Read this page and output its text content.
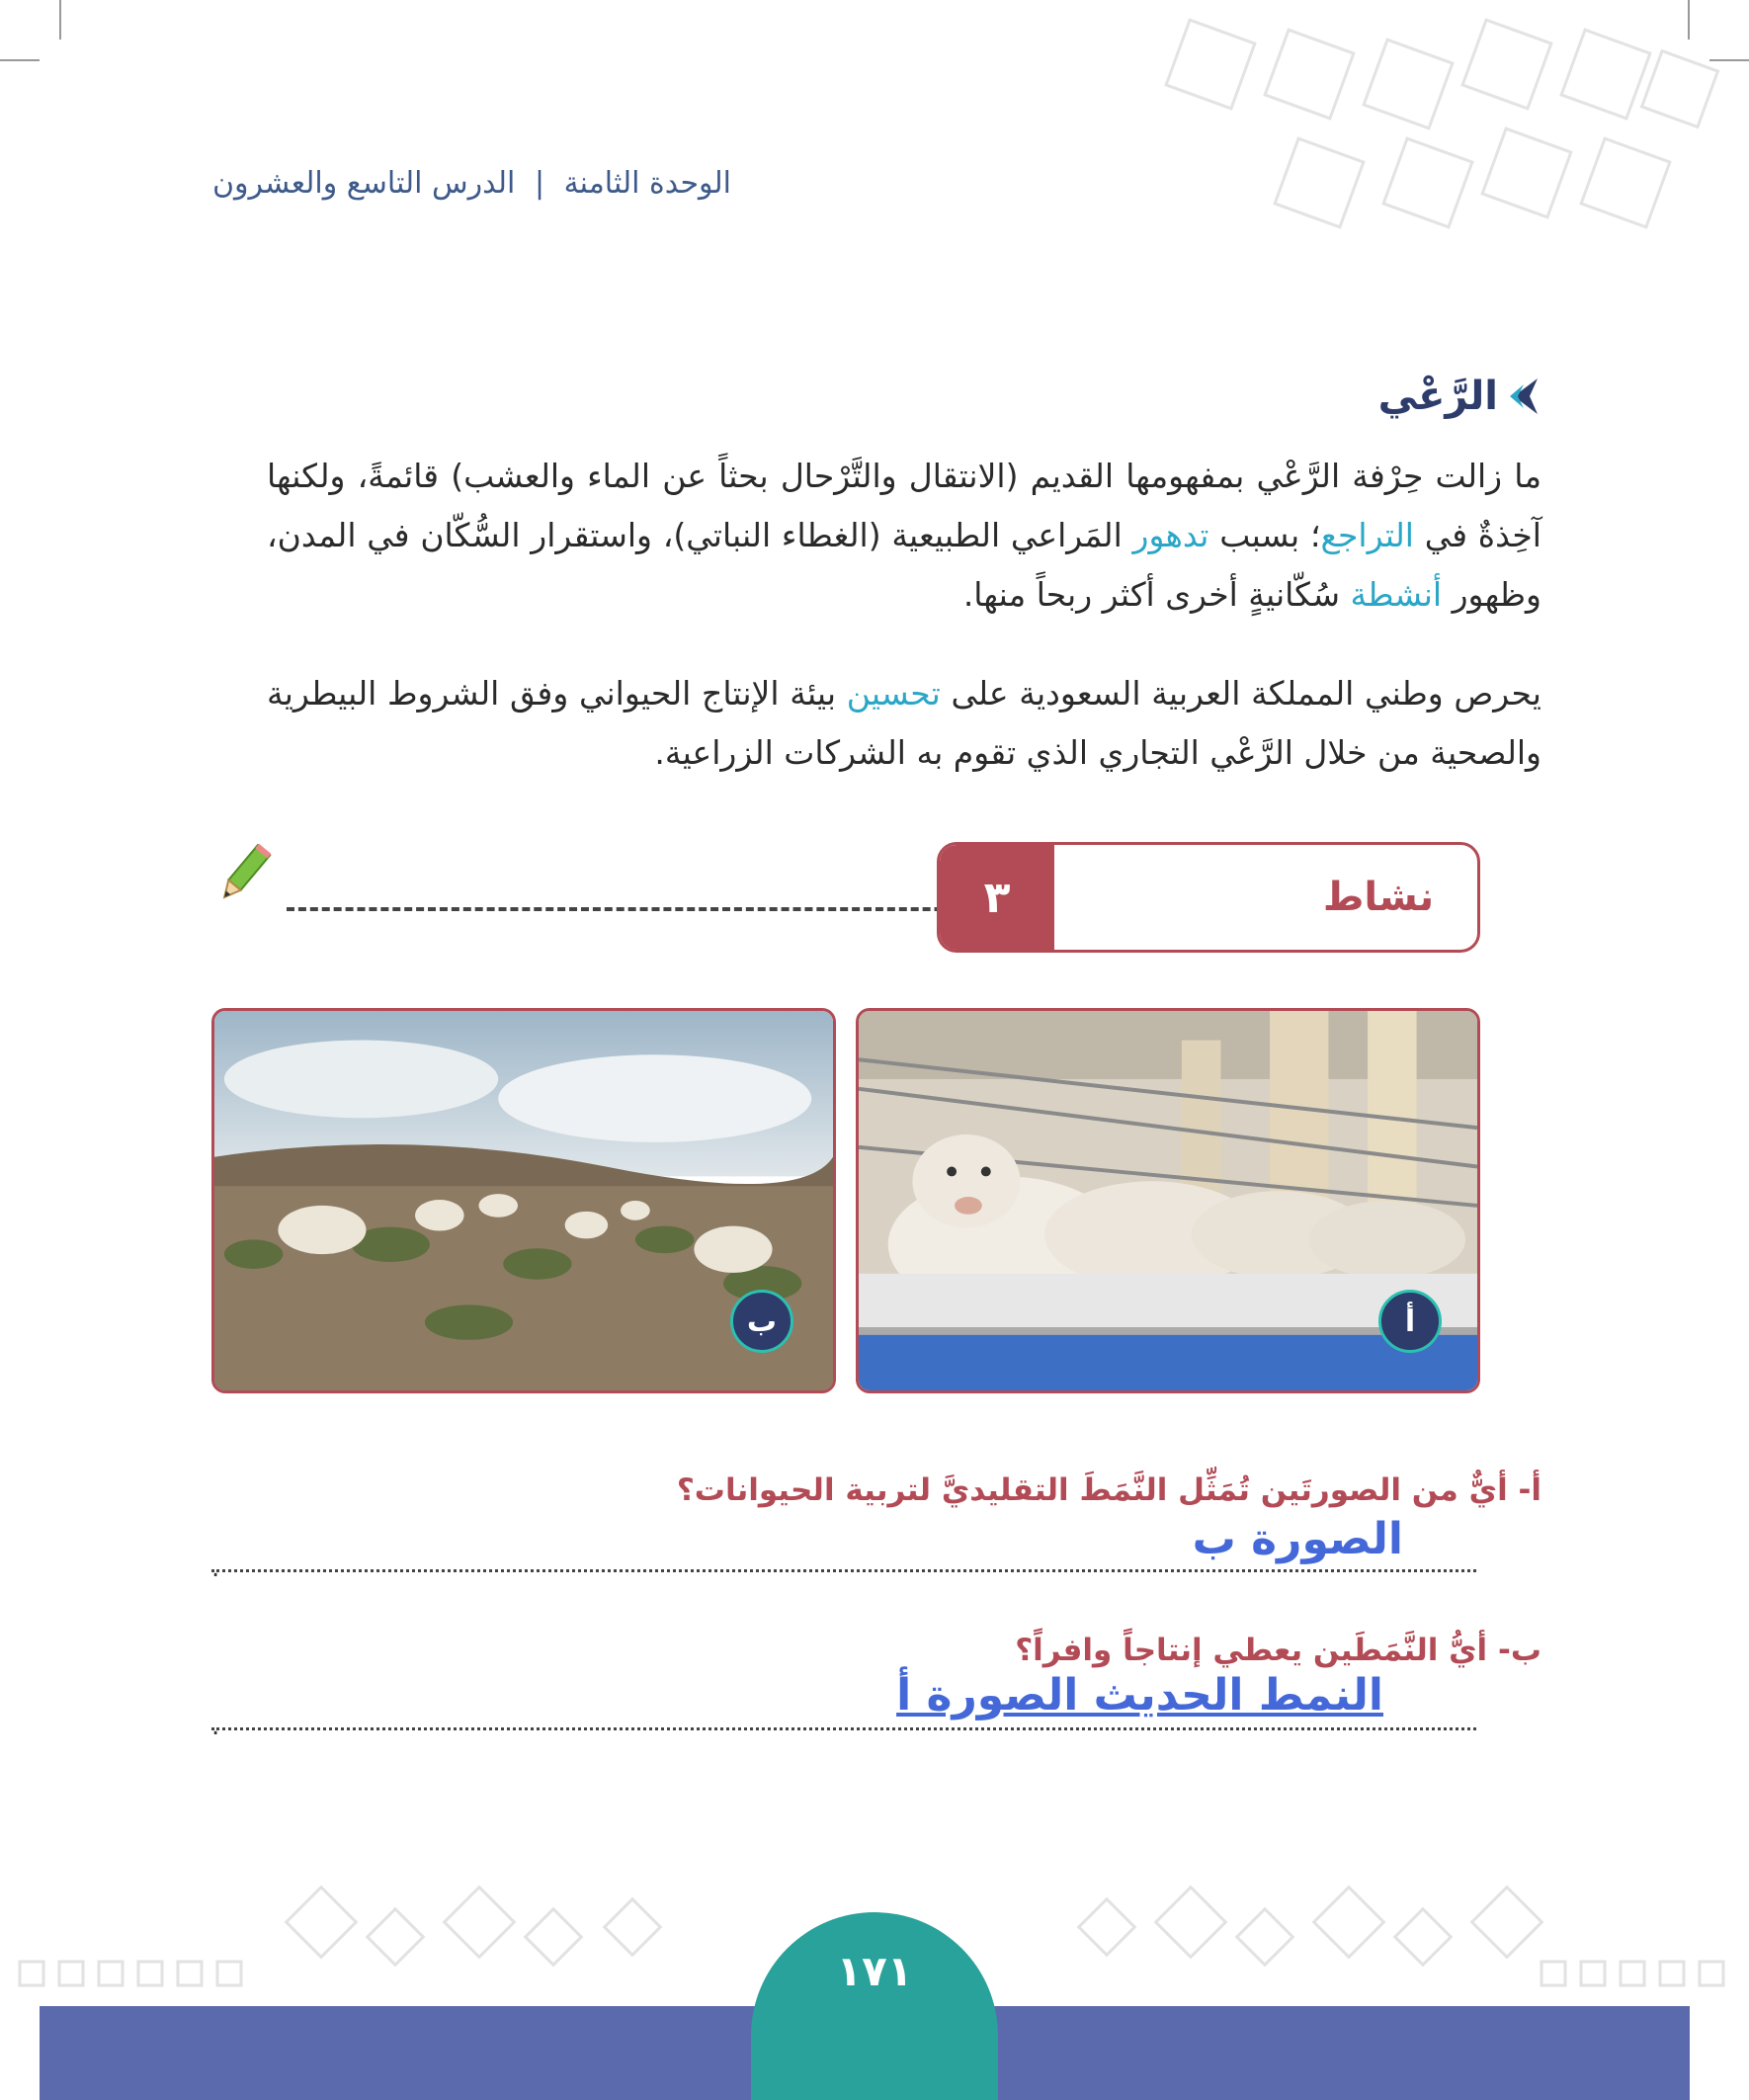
الوحدة الثامنة | الدرس التاسع والعشرون
الرَّعْي
ما زالت حِرْفة الرَّعْي بمفهومها القديم (الانتقال والتَّرْحال بحثاً عن الماء والعشب) قائمةً، ولكنها آخِذةٌ في التراجع؛ بسبب تدهور المَراعي الطبيعية (الغطاء النباتي)، واستقرار السُّكّان في المدن، وظهور أنشطة سُكّانيةٍ أخرى أكثر ربحاً منها.
يحرص وطني المملكة العربية السعودية على تحسين بيئة الإنتاج الحيواني وفق الشروط البيطرية والصحية من خلال الرَّعْي التجاري الذي تقوم به الشركات الزراعية.
نشاط
٣
أ
ب
أ- أيٌّ من الصورتَين تُمَثِّل النَّمَطَ التقليديَّ لتربية الحيوانات؟
الصورة ب
.
ب- أيُّ النَّمَطَين يعطي إنتاجاً وافراً؟
النمط الحديث الصورة أ
.
١٧١
